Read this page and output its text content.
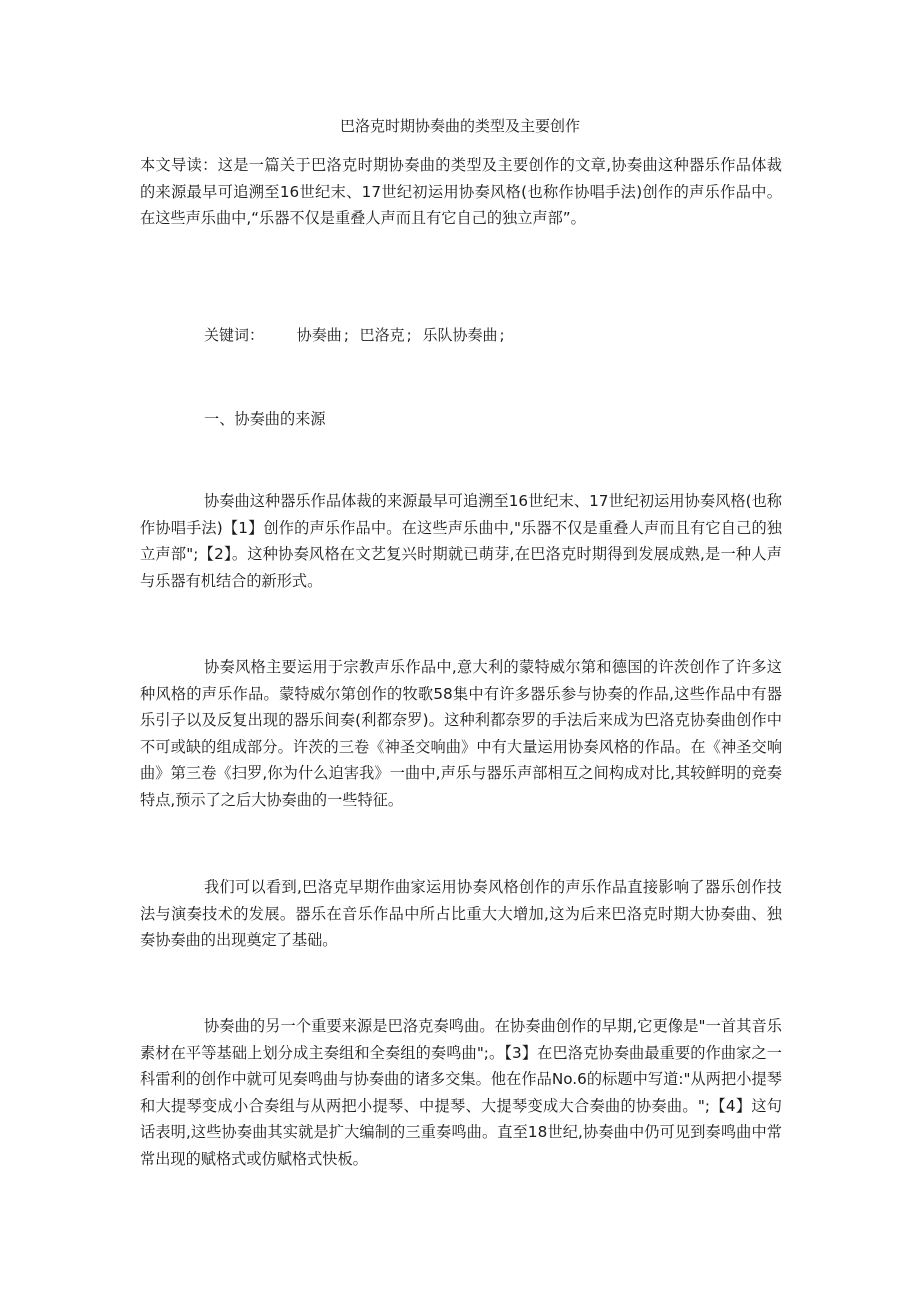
巴洛克时期协奏曲的类型及主要创作

本文导读：这是一篇关于巴洛克时期协奏曲的类型及主要创作的文章,协奏曲这种器乐作品体裁的来源最早可追溯至16世纪末、17世纪初运用协奏风格(也称作协唱手法)创作的声乐作品中。在这些声乐曲中,“乐器不仅是重叠人声而且有它自己的独立声部”。

关键词： 协奏曲 ; 巴洛克 ; 乐队协奏曲 ;
一、协奏曲的来源

协奏曲这种器乐作品体裁的来源最早可追溯至16世纪末、17世纪初运用协奏风格(也称作协唱手法)【1】创作的声乐作品中。在这些声乐曲中,"乐器不仅是重叠人声而且有它自己的独立声部";【2】。这种协奏风格在文艺复兴时期就已萌芽,在巴洛克时期得到发展成熟,是一种人声与乐器有机结合的新形式。

协奏风格主要运用于宗教声乐作品中,意大利的蒙特威尔第和德国的许茨创作了许多这种风格的声乐作品。蒙特威尔第创作的牧歌58集中有许多器乐参与协奏的作品,这些作品中有器乐引子以及反复出现的器乐间奏(利都奈罗)。这种利都奈罗的手法后来成为巴洛克协奏曲创作中不可或缺的组成部分。许茨的三卷《神圣交响曲》中有大量运用协奏风格的作品。在《神圣交响曲》第三卷《扫罗,你为什么迫害我》一曲中,声乐与器乐声部相互之间构成对比,其较鲜明的竞奏特点,预示了之后大协奏曲的一些特征。

我们可以看到,巴洛克早期作曲家运用协奏风格创作的声乐作品直接影响了器乐创作技法与演奏技术的发展。器乐在音乐作品中所占比重大大增加,这为后来巴洛克时期大协奏曲、独奏协奏曲的出现奠定了基础。

协奏曲的另一个重要来源是巴洛克奏鸣曲。在协奏曲创作的早期,它更像是"一首其音乐素材在平等基础上划分成主奏组和全奏组的奏鸣曲";。【3】在巴洛克协奏曲最重要的作曲家之一科雷利的创作中就可见奏鸣曲与协奏曲的诸多交集。他在作品No.6的标题中写道:"从两把小提琴和大提琴变成小合奏组与从两把小提琴、中提琴、大提琴变成大合奏曲的协奏曲。";【4】这句话表明,这些协奏曲其实就是扩大编制的三重奏鸣曲。直至18世纪,协奏曲中仍可见到奏鸣曲中常常出现的赋格式或仿赋格式快板。
